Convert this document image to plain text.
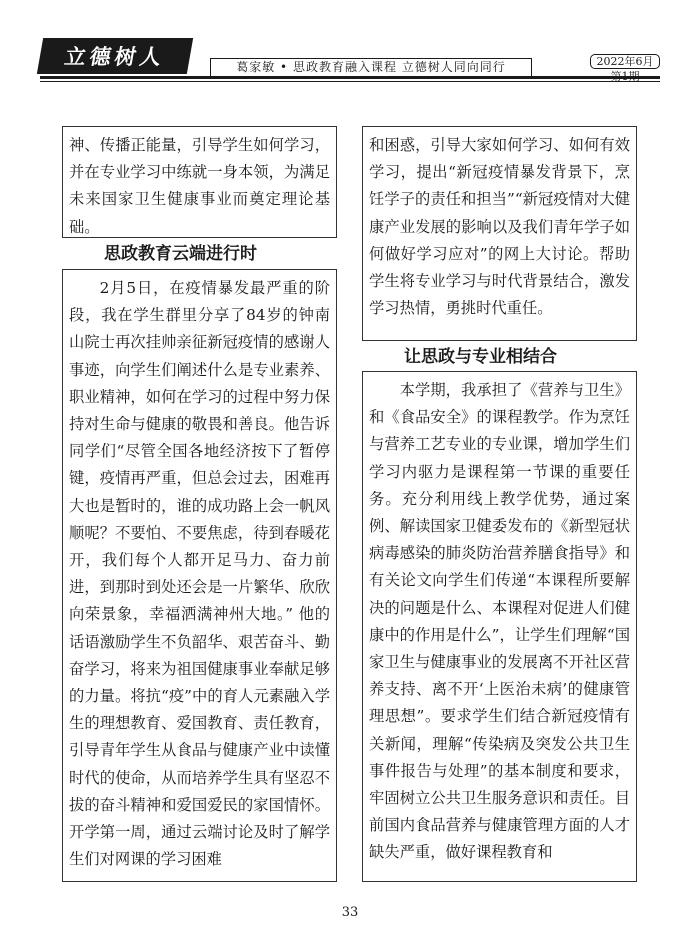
立德树人	葛家敏 • 思政教育融入课程 立德树人同向同行	2022年6月
第1期

神、传播正能量，引导学生如何学习，并在专业学习中练就一身本领，为满足未来国家卫生健康事业而奠定理论基础。

思政教育云端进行时

2月5日，在疫情暴发最严重的阶段，我在学生群里分享了84岁的钟南山院士再次挂帅亲征新冠疫情的感谢人事迹，向学生们阐述什么是专业素养、职业精神，如何在学习的过程中努力保持对生命与健康的敬畏和善良。他告诉同学们“尽管全国各地经济按下了暂停键，疫情再严重，但总会过去，困难再大也是暂时的，谁的成功路上会一帆风顺呢？不要怕、不要焦虑，待到春暖花开，我们每个人都开足马力、奋力前进，到那时到处还会是一片繁华、欣欣向荣景象，幸福洒满神州大地。” 他的话语激励学生不负韶华、艰苦奋斗、勤奋学习，将来为祖国健康事业奉献足够的力量。将抗“疫”中的育人元素融入学生的理想教育、爱国教育、责任教育，引导青年学生从食品与健康产业中读懂时代的使命，从而培养学生具有坚忍不拔的奋斗精神和爱国爱民的家国情怀。开学第一周，通过云端讨论及时了解学生们对网课的学习困难

和困惑，引导大家如何学习、如何有效学习，提出“新冠疫情暴发背景下，烹饪学子的责任和担当”“新冠疫情对大健康产业发展的影响以及我们青年学子如何做好学习应对”的网上大讨论。帮助学生将专业学习与时代背景结合，激发学习热情，勇挑时代重任。

让思政与专业相结合

本学期，我承担了《营养与卫生》和《食品安全》的课程教学。作为烹饪与营养工艺专业的专业课，增加学生们学习内驱力是课程第一节课的重要任务。充分利用线上教学优势，通过案例、解读国家卫健委发布的《新型冠状病毒感染的肺炎防治营养膳食指导》和有关论文向学生们传递“本课程所要解决的问题是什么、本课程对促进人们健康中的作用是什么”，让学生们理解“国家卫生与健康事业的发展离不开社区营养支持、离不开‘上医治未病’的健康管理思想”。要求学生们结合新冠疫情有关新闻，理解“传染病及突发公共卫生事件报告与处理”的基本制度和要求，牢固树立公共卫生服务意识和责任。目前国内食品营养与健康管理方面的人才缺失严重，做好课程教育和

33
